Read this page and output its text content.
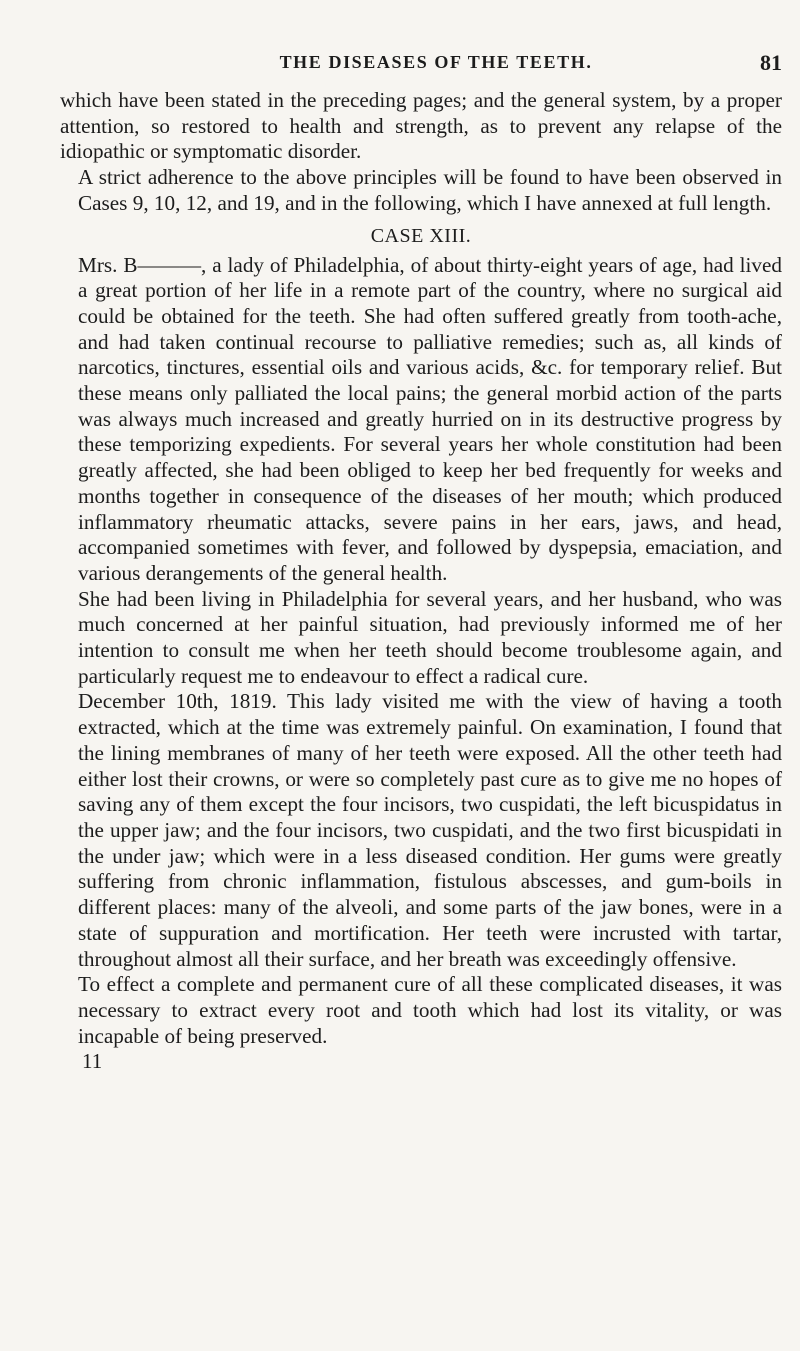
THE DISEASES OF THE TEETH.	81

which have been stated in the preceding pages; and the general system, by a proper attention, so restored to health and strength, as to prevent any relapse of the idiopathic or symptomatic disorder.

A strict adherence to the above principles will be found to have been observed in Cases 9, 10, 12, and 19, and in the following, which I have annexed at full length.

CASE XIII.

Mrs. B———, a lady of Philadelphia, of about thirty-eight years of age, had lived a great portion of her life in a remote part of the country, where no surgical aid could be obtained for the teeth. She had often suffered greatly from tooth-ache, and had taken continual recourse to palliative remedies; such as, all kinds of narcotics, tinctures, essential oils and various acids, &c. for temporary relief. But these means only palliated the local pains; the general morbid action of the parts was always much increased and greatly hurried on in its destructive progress by these temporizing expedients. For several years her whole constitution had been greatly affected, she had been obliged to keep her bed frequently for weeks and months together in consequence of the diseases of her mouth; which produced inflammatory rheumatic attacks, severe pains in her ears, jaws, and head, accompanied sometimes with fever, and followed by dyspepsia, emaciation, and various derangements of the general health.

She had been living in Philadelphia for several years, and her husband, who was much concerned at her painful situation, had previously informed me of her intention to consult me when her teeth should become troublesome again, and particularly request me to endeavour to effect a radical cure.

December 10th, 1819. This lady visited me with the view of having a tooth extracted, which at the time was extremely painful. On examination, I found that the lining membranes of many of her teeth were exposed. All the other teeth had either lost their crowns, or were so completely past cure as to give me no hopes of saving any of them except the four incisors, two cuspidati, the left bicuspidatus in the upper jaw; and the four incisors, two cuspidati, and the two first bicuspidati in the under jaw; which were in a less diseased condition. Her gums were greatly suffering from chronic inflammation, fistulous abscesses, and gum-boils in different places: many of the alveoli, and some parts of the jaw bones, were in a state of suppuration and mortification. Her teeth were incrusted with tartar, throughout almost all their surface, and her breath was exceedingly offensive.

To effect a complete and permanent cure of all these complicated diseases, it was necessary to extract every root and tooth which had lost its vitality, or was incapable of being preserved.

11
